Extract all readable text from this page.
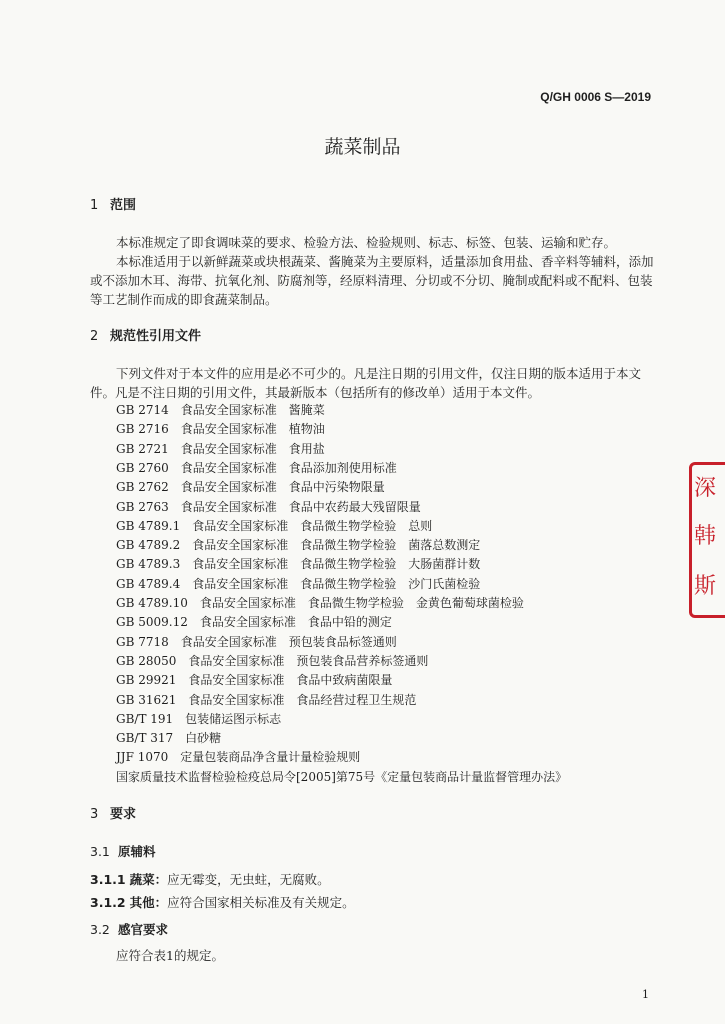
Q/GH 0006 S—2019
蔬菜制品
1 范围
本标准规定了即食调味菜的要求、检验方法、检验规则、标志、标签、包装、运输和贮存。
本标准适用于以新鲜蔬菜或块根蔬菜、酱腌菜为主要原料，适量添加食用盐、香辛料等辅料，添加或不添加木耳、海带、抗氧化剂、防腐剂等，经原料清理、分切或不分切、腌制或配料或不配料、包装等工艺制作而成的即食蔬菜制品。
2 规范性引用文件
下列文件对于本文件的应用是必不可少的。凡是注日期的引用文件，仅注日期的版本适用于本文件。凡是不注日期的引用文件，其最新版本（包括所有的修改单）适用于本文件。
GB 2714　食品安全国家标准　酱腌菜
GB 2716　食品安全国家标准　植物油
GB 2721　食品安全国家标准　食用盐
GB 2760　食品安全国家标准　食品添加剂使用标准
GB 2762　食品安全国家标准　食品中污染物限量
GB 2763　食品安全国家标准　食品中农药最大残留限量
GB 4789.1　食品安全国家标准　食品微生物学检验　总则
GB 4789.2　食品安全国家标准　食品微生物学检验　菌落总数测定
GB 4789.3　食品安全国家标准　食品微生物学检验　大肠菌群计数
GB 4789.4　食品安全国家标准　食品微生物学检验　沙门氏菌检验
GB 4789.10　食品安全国家标准　食品微生物学检验　金黄色葡萄球菌检验
GB 5009.12　食品安全国家标准　食品中铅的测定
GB 7718　食品安全国家标准　预包装食品标签通则
GB 28050　食品安全国家标准　预包装食品营养标签通则
GB 29921　食品安全国家标准　食品中致病菌限量
GB 31621　食品安全国家标准　食品经营过程卫生规范
GB/T 191　包装储运图示标志
GB/T 317　白砂糖
JJF 1070　定量包装商品净含量计量检验规则
国家质量技术监督检验检疫总局令[2005]第75号《定量包装商品计量监督管理办法》
3 要求
3.1 原辅料
3.1.1 蔬菜：应无霉变，无虫蛀，无腐败。
3.1.2 其他：应符合国家相关标准及有关规定。
3.2 感官要求
应符合表1的规定。
1
深
韩
斯
